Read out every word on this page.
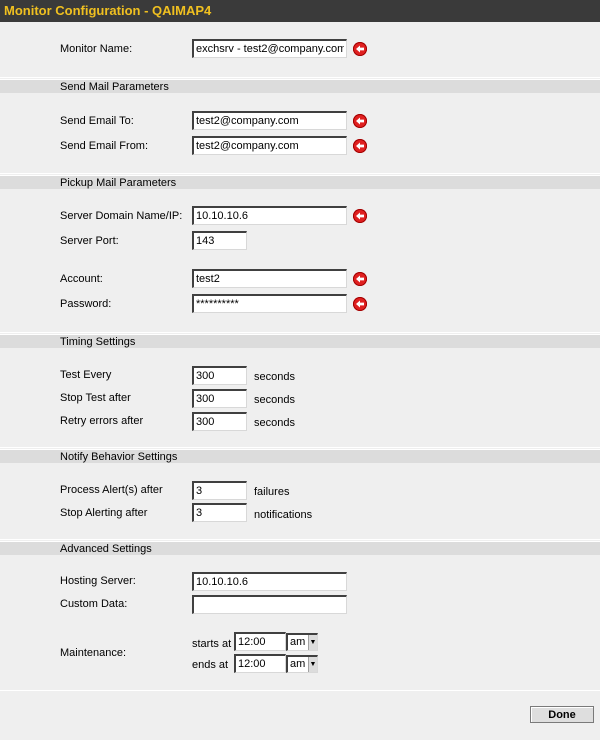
Monitor Configuration - QAIMAP4
Monitor Name:
exchsrv - test2@company.com
Send Mail Parameters
Send Email To:
test2@company.com
Send Email From:
test2@company.com
Pickup Mail Parameters
Server Domain Name/IP:
10.10.10.6
Server Port:
143
Account:
test2
Password:
**********
Timing Settings
Test Every
300	seconds
Stop Test after
300	seconds
Retry errors after
300	seconds
Notify Behavior Settings
Process Alert(s) after
3	failures
Stop Alerting after
3	notifications
Advanced Settings
Hosting Server:
10.10.10.6
Custom Data:
Maintenance:
starts at
12:00	am ▼
ends at
12:00	am ▼
Done
